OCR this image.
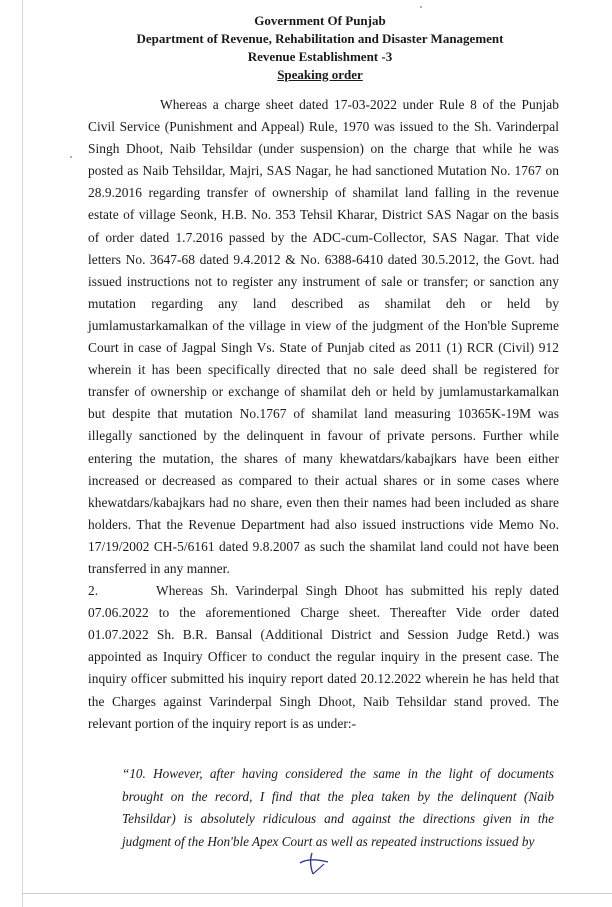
Government Of Punjab
Department of Revenue, Rehabilitation and Disaster Management
Revenue Establishment -3
Speaking order

Whereas a charge sheet dated 17-03-2022 under Rule 8 of the Punjab Civil Service (Punishment and Appeal) Rule, 1970 was issued to the Sh. Varinderpal Singh Dhoot, Naib Tehsildar (under suspension) on the charge that while he was posted as Naib Tehsildar, Majri, SAS Nagar, he had sanctioned Mutation No. 1767 on 28.9.2016 regarding transfer of ownership of shamilat land falling in the revenue estate of village Seonk, H.B. No. 353 Tehsil Kharar, District SAS Nagar on the basis of order dated 1.7.2016 passed by the ADC-cum-Collector, SAS Nagar. That vide letters No. 3647-68 dated 9.4.2012 & No. 6388-6410 dated 30.5.2012, the Govt. had issued instructions not to register any instrument of sale or transfer; or sanction any mutation regarding any land described as shamilat deh or held by jumlamustarkamalkan of the village in view of the judgment of the Hon'ble Supreme Court in case of Jagpal Singh Vs. State of Punjab cited as 2011 (1) RCR (Civil) 912 wherein it has been specifically directed that no sale deed shall be registered for transfer of ownership or exchange of shamilat deh or held by jumlamustarkamalkan but despite that mutation No.1767 of shamilat land measuring 10365K-19M was illegally sanctioned by the delinquent in favour of private persons. Further while entering the mutation, the shares of many khewatdars/kabajkars have been either increased or decreased as compared to their actual shares or in some cases where khewatdars/kabajkars had no share, even then their names had been included as share holders. That the Revenue Department had also issued instructions vide Memo No. 17/19/2002 CH-5/6161 dated 9.8.2007 as such the shamilat land could not have been transferred in any manner.

2.	Whereas Sh. Varinderpal Singh Dhoot has submitted his reply dated 07.06.2022 to the aforementioned Charge sheet. Thereafter Vide order dated 01.07.2022 Sh. B.R. Bansal (Additional District and Session Judge Retd.) was appointed as Inquiry Officer to conduct the regular inquiry in the present case. The inquiry officer submitted his inquiry report dated 20.12.2022 wherein he has held that the Charges against Varinderpal Singh Dhoot, Naib Tehsildar stand proved. The relevant portion of the inquiry report is as under:-

“10. However, after having considered the same in the light of documents brought on the record, I find that the plea taken by the delinquent (Naib Tehsildar) is absolutely ridiculous and against the directions given in the judgment of the Hon'ble Apex Court as well as repeated instructions issued by
